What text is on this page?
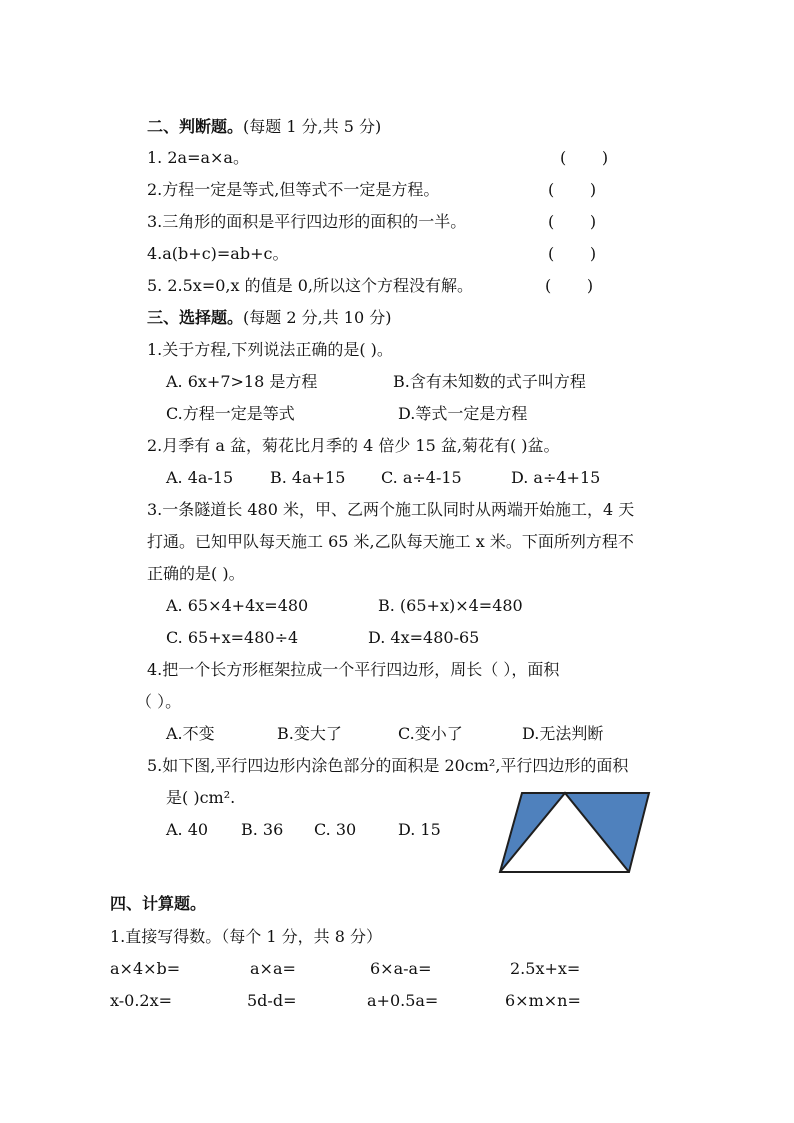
二、判断题。(每题 1 分,共 5 分)
1. 2a=a×a。	(       )
2.方程一定是等式,但等式不一定是方程。	(       )
3.三角形的面积是平行四边形的面积的一半。	(       )
4.a(b+c)=ab+c。	(       )
5. 2.5x=0,x 的值是 0,所以这个方程没有解。	(       )
三、选择题。(每题 2 分,共 10 分)
1.关于方程,下列说法正确的是( )。
A. 6x+7>18 是方程	B.含有未知数的式子叫方程
C.方程一定是等式	D.等式一定是方程
2.月季有 a 盆，菊花比月季的 4 倍少 15 盆,菊花有( )盆。
A. 4a-15 B. 4a+15 C. a÷4-15	D. a÷4+15
3.一条隧道长 480 米，甲、乙两个施工队同时从两端开始施工，4 天
打通。已知甲队每天施工 65 米,乙队每天施工 x 米。下面所列方程不
正确的是( )。
A. 65×4+4x=480	B. (65+x)×4=480
C. 65+x=480÷4	D. 4x=480-65
4.把一个长方形框架拉成一个平行四边形，周长（ ），面积
（ ）。
A.不变	B.变大了	C.变小了	D.无法判断
5.如下图,平行四边形内涂色部分的面积是 20cm²,平行四边形的面积
是( )cm².
A. 40 B. 36 C. 30	D. 15
四、计算题。
1.直接写得数。（每个 1 分，共 8 分）
a×4×b=	a×a=	6×a-a=	2.5x+x=
x-0.2x=	5d-d=	a+0.5a=	6×m×n=
